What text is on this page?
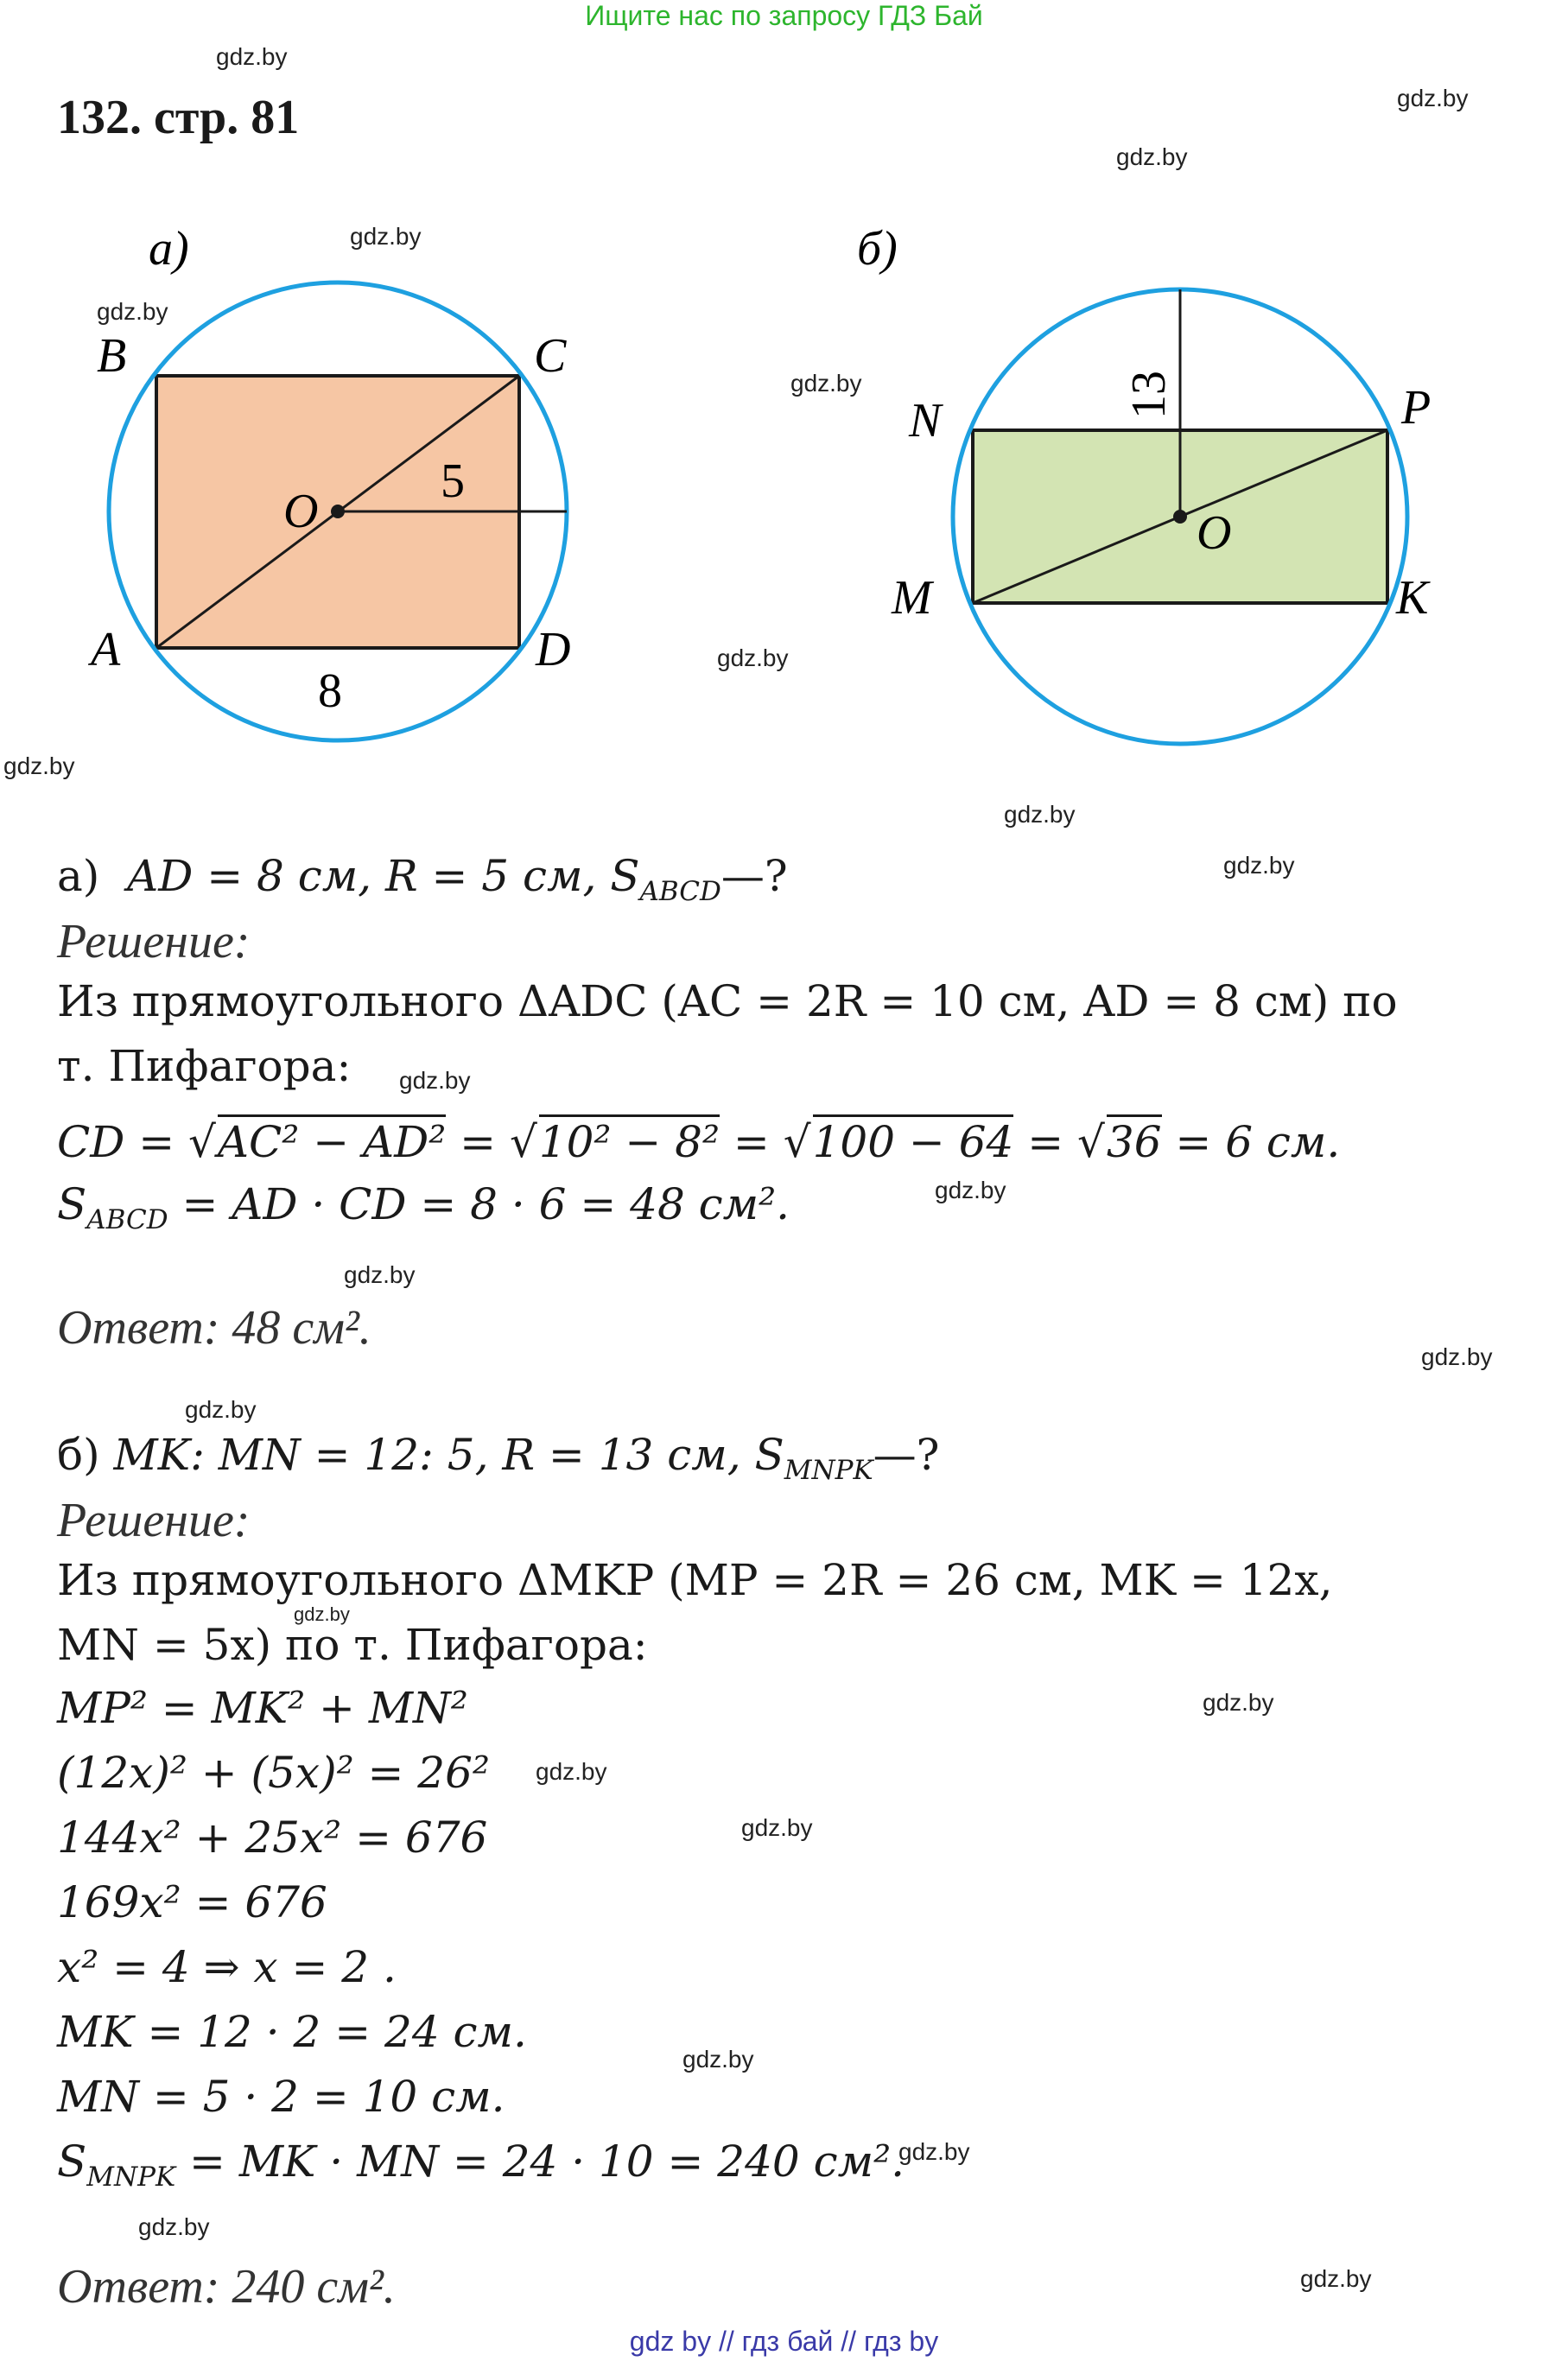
Ищите нас по запросу ГДЗ Бай
132. стр. 81
gdz.by
gdz.by
gdz.by
gdz.by
gdz.by
gdz.by
gdz.by
gdz.by
gdz.by
gdz.by
gdz.by
gdz.by
gdz.by
gdz.by
gdz.by
gdz.by
gdz.by
gdz.by
gdz.by
gdz.by
gdz.by
gdz.by
gdz.by
а)
B	C
A	D
O
5
8
б)
N	P
M	K
O
13
а) AD = 8 см, R = 5 см, $S_{ABCD}—$?
Решение:
Из прямоугольного ΔADC (AC = 2R = 10 см, AD = 8 см) по
т. Пифагора:
CD = √AC² − AD² = √10² − 8² = √100 − 64 = √36 = 6 см.
$S_{ABCD}$ = AD · CD = 8 · 6 = 48 см².
Ответ: 48 см².
б) MK: MN = 12: 5, R = 13 см, $S_{MNPK}—$?
Решение:
Из прямоугольного ΔMKP (MP = 2R = 26 см, MK = 12x,
MN = 5x) по т. Пифагора:
MP² = MK² + MN²
(12x)² + (5x)² = 26²
144x² + 25x² = 676
169x² = 676
x² = 4 ⇒ x = 2 .
MK = 12 · 2 = 24 см.
MN = 5 · 2 = 10 см.
$S_{MNPK}$ = MK · MN = 24 · 10 = 240 см².
Ответ: 240 см².
gdz by // гдз бай // гдз by
